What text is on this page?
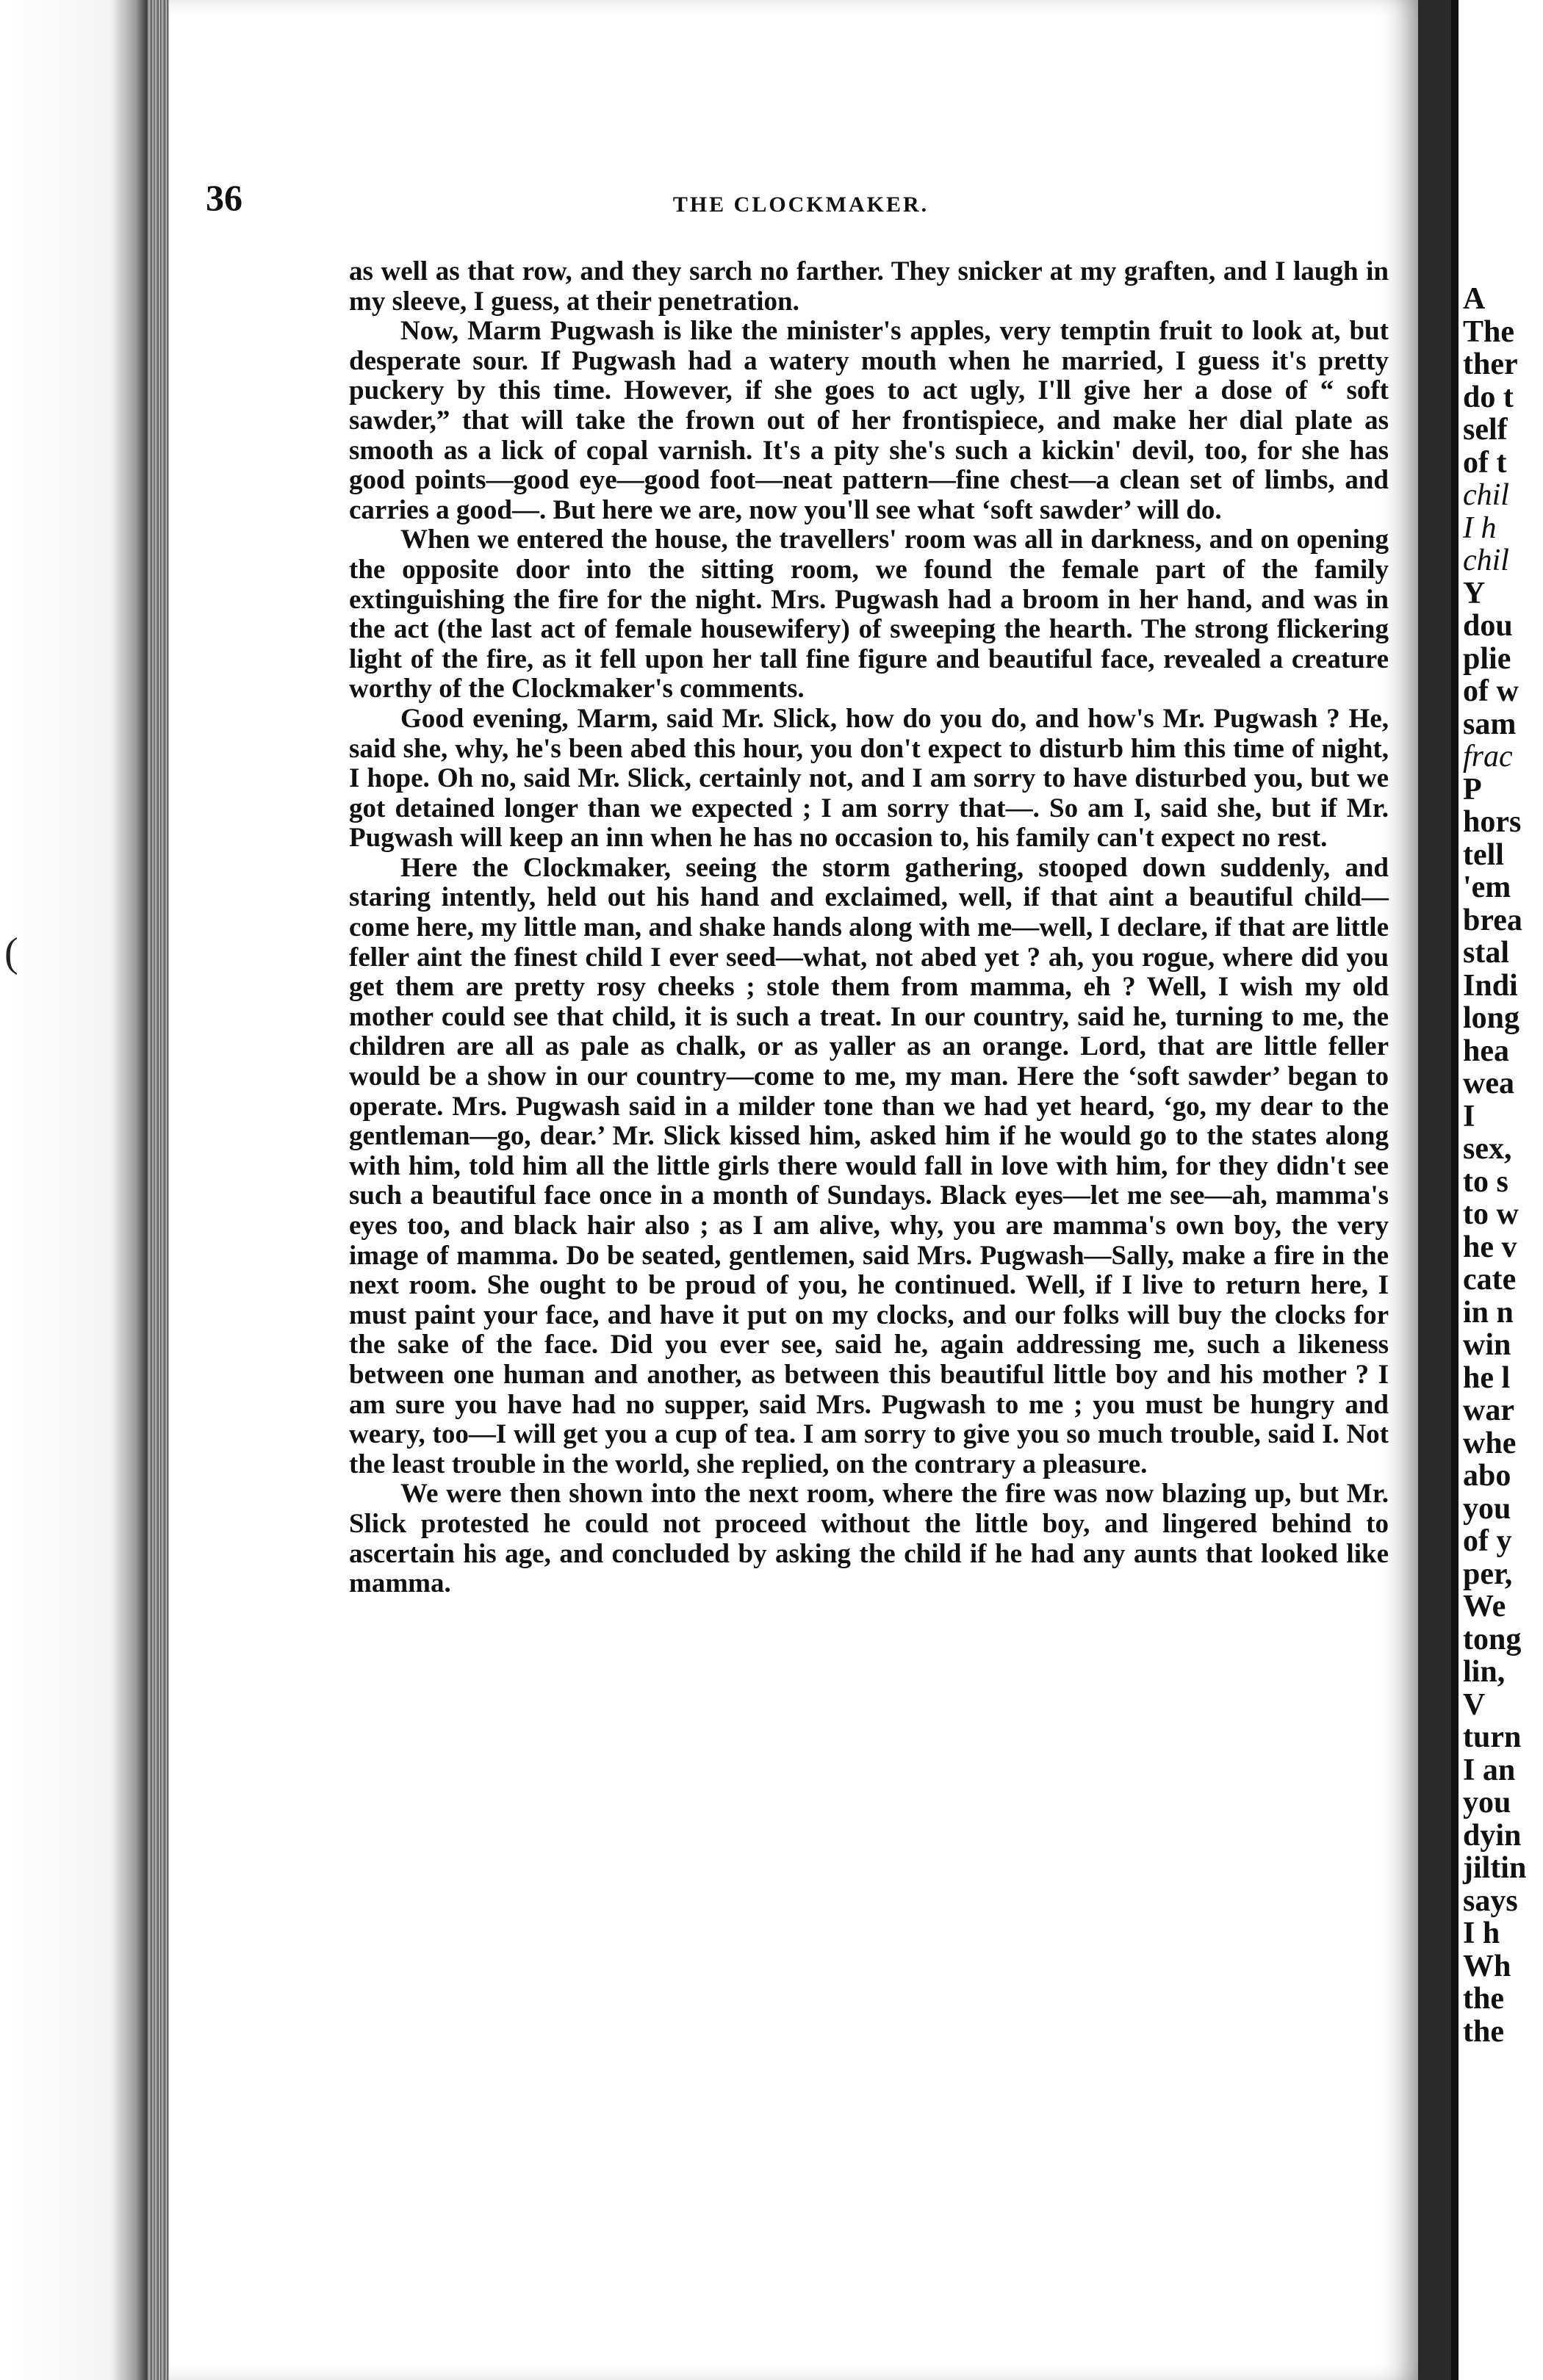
(
36	THE CLOCKMAKER.

as well as that row, and they sarch no farther. They snicker at my graften, and I laugh in my sleeve, I guess, at their penetration.

Now, Marm Pugwash is like the minister's apples, very temptin fruit to look at, but desperate sour. If Pugwash had a watery mouth when he married, I guess it's pretty puckery by this time. However, if she goes to act ugly, I'll give her a dose of “ soft sawder,” that will take the frown out of her frontispiece, and make her dial plate as smooth as a lick of copal varnish. It's a pity she's such a kickin' devil, too, for she has good points—good eye—good foot—neat pattern—fine chest—a clean set of limbs, and carries a good—. But here we are, now you'll see what ‘soft sawder’ will do.

When we entered the house, the travellers' room was all in darkness, and on opening the opposite door into the sitting room, we found the female part of the family extinguishing the fire for the night. Mrs. Pugwash had a broom in her hand, and was in the act (the last act of female housewifery) of sweeping the hearth. The strong flickering light of the fire, as it fell upon her tall fine figure and beautiful face, revealed a creature worthy of the Clockmaker's comments.

Good evening, Marm, said Mr. Slick, how do you do, and how's Mr. Pugwash ? He, said she, why, he's been abed this hour, you don't expect to disturb him this time of night, I hope. Oh no, said Mr. Slick, certainly not, and I am sorry to have disturbed you, but we got detained longer than we expected ; I am sorry that—. So am I, said she, but if Mr. Pugwash will keep an inn when he has no occasion to, his family can't expect no rest.

Here the Clockmaker, seeing the storm gathering, stooped down suddenly, and staring intently, held out his hand and exclaimed, well, if that aint a beautiful child—come here, my little man, and shake hands along with me—well, I declare, if that are little feller aint the finest child I ever seed—what, not abed yet ? ah, you rogue, where did you get them are pretty rosy cheeks ; stole them from mamma, eh ? Well, I wish my old mother could see that child, it is such a treat. In our country, said he, turning to me, the children are all as pale as chalk, or as yaller as an orange. Lord, that are little feller would be a show in our country—come to me, my man. Here the ‘soft sawder’ began to operate. Mrs. Pugwash said in a milder tone than we had yet heard, ‘go, my dear to the gentleman—go, dear.’ Mr. Slick kissed him, asked him if he would go to the states along with him, told him all the little girls there would fall in love with him, for they didn't see such a beautiful face once in a month of Sundays. Black eyes—let me see—ah, mamma's eyes too, and black hair also ; as I am alive, why, you are mamma's own boy, the very image of mamma. Do be seated, gentlemen, said Mrs. Pugwash—Sally, make a fire in the next room. She ought to be proud of you, he continued. Well, if I live to return here, I must paint your face, and have it put on my clocks, and our folks will buy the clocks for the sake of the face. Did you ever see, said he, again addressing me, such a likeness between one human and another, as between this beautiful little boy and his mother ? I am sure you have had no supper, said Mrs. Pugwash to me ; you must be hungry and weary, too—I will get you a cup of tea. I am sorry to give you so much trouble, said I. Not the least trouble in the world, she replied, on the contrary a pleasure.

We were then shown into the next room, where the fire was now blazing up, but Mr. Slick protested he could not proceed without the little boy, and lingered behind to ascertain his age, and concluded by asking the child if he had any aunts that looked like mamma.

A
The
ther
do t
self
of t
chil
I h
chil
Y
dou
plie
of w
sam
frac
P
hors
tell
'em
brea
stal
Indi
long
hea
wea
I
sex,
to s
to w
he v
cate
in n
win
he l
war
whe
abo
you
of y
per,
We
tong
lin,
V
turn
I an
you
dyin
jiltin
says
I h
Wh
the
the
